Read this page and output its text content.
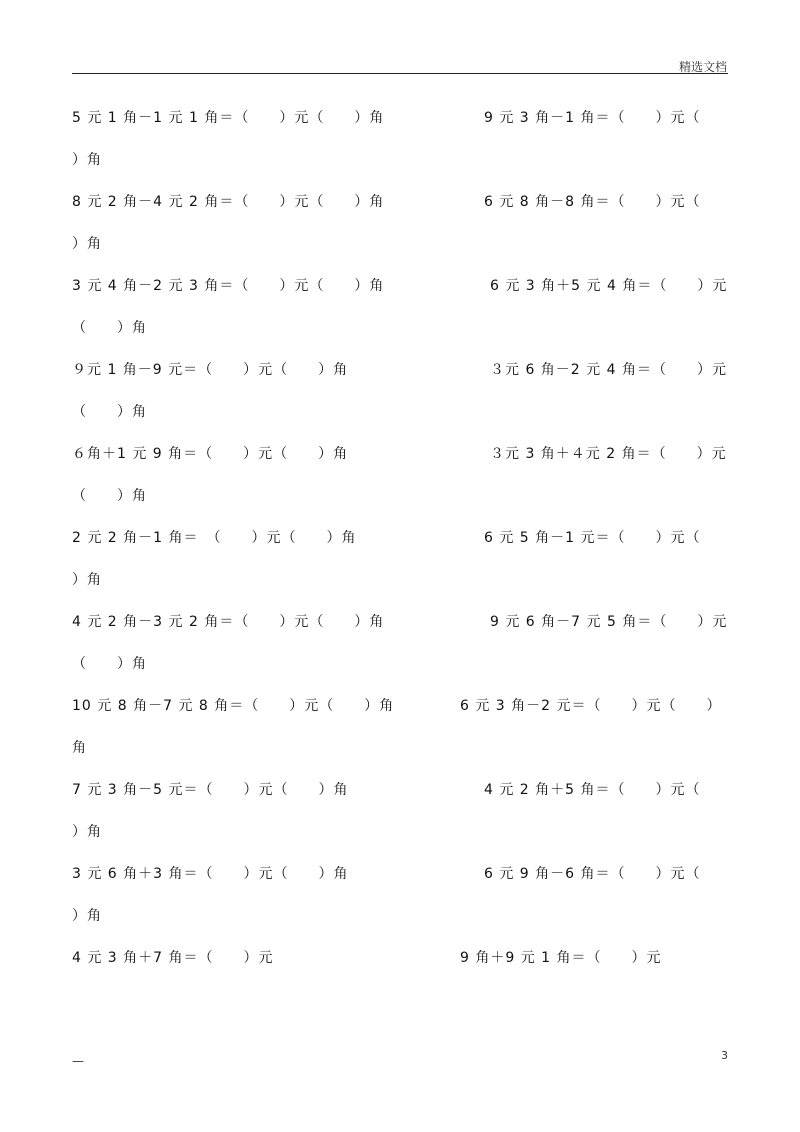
精选文档
5 元 1 角－1 元 1 角＝（　　）元（　　）角	9 元 3 角－1 角＝（　　）元（
）角
8 元 2 角－4 元 2 角＝（　　）元（　　）角	6 元 8 角－8 角＝（　　）元（
）角
3 元 4 角－2 元 3 角＝（　　）元（　　）角	6 元 3 角＋5 元 4 角＝（　　）元
（　　）角
９元 1 角－9 元＝（　　）元（　　）角	３元 6 角－2 元 4 角＝（　　）元
（　　）角
６角＋1 元 9 角＝（　　）元（　　）角	３元 3 角＋４元 2 角＝（　　）元
（　　）角
2 元 2 角－1 角＝　（　　）元（　　）角	6 元 5 角－1 元＝（　　）元（
）角
4 元 2 角－3 元 2 角＝（　　）元（　　）角	9 元 6 角－7 元 5 角＝（　　）元
（　　）角
10 元 8 角－7 元 8 角＝（　　）元（　　）角	6 元 3 角－2 元＝（　　）元（　　）
角
7 元 3 角－5 元＝（　　）元（　　）角	4 元 2 角＋5 角＝（　　）元（
）角
3 元 6 角＋3 角＝（　　）元（　　）角	6 元 9 角－6 角＝（　　）元（
）角
4 元 3 角＋7 角＝（　　）元	9 角＋9 元 1 角＝（　　）元
—	3
